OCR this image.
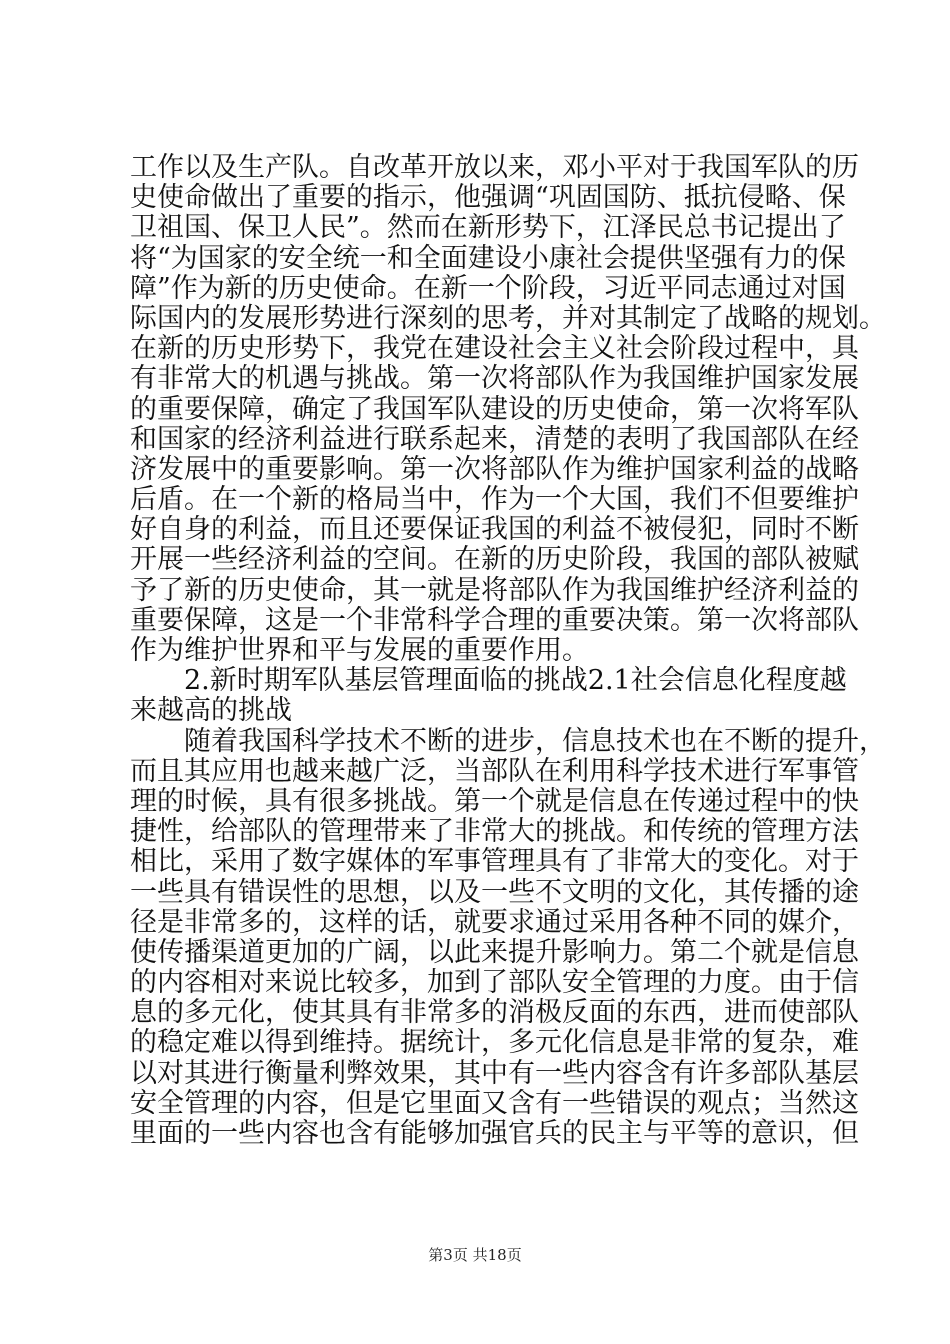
工作以及生产队。自改革开放以来，邓小平对于我国军队的历
史使命做出了重要的指示，他强调“巩固国防、抵抗侵略、保
卫祖国、保卫人民”。然而在新形势下，江泽民总书记提出了
将“为国家的安全统一和全面建设小康社会提供坚强有力的保
障”作为新的历史使命。在新一个阶段，习近平同志通过对国
际国内的发展形势进行深刻的思考，并对其制定了战略的规划。
在新的历史形势下，我党在建设社会主义社会阶段过程中，具
有非常大的机遇与挑战。第一次将部队作为我国维护国家发展
的重要保障，确定了我国军队建设的历史使命，第一次将军队
和国家的经济利益进行联系起来，清楚的表明了我国部队在经
济发展中的重要影响。第一次将部队作为维护国家利益的战略
后盾。在一个新的格局当中，作为一个大国，我们不但要维护
好自身的利益，而且还要保证我国的利益不被侵犯，同时不断
开展一些经济利益的空间。在新的历史阶段，我国的部队被赋
予了新的历史使命，其一就是将部队作为我国维护经济利益的
重要保障，这是一个非常科学合理的重要决策。第一次将部队
作为维护世界和平与发展的重要作用。
　　2.新时期军队基层管理面临的挑战2.1社会信息化程度越
来越高的挑战
　　随着我国科学技术不断的进步，信息技术也在不断的提升，
而且其应用也越来越广泛，当部队在利用科学技术进行军事管
理的时候，具有很多挑战。第一个就是信息在传递过程中的快
捷性，给部队的管理带来了非常大的挑战。和传统的管理方法
相比，采用了数字媒体的军事管理具有了非常大的变化。对于
一些具有错误性的思想，以及一些不文明的文化，其传播的途
径是非常多的，这样的话，就要求通过采用各种不同的媒介，
使传播渠道更加的广阔，以此来提升影响力。第二个就是信息
的内容相对来说比较多，加到了部队安全管理的力度。由于信
息的多元化，使其具有非常多的消极反面的东西，进而使部队
的稳定难以得到维持。据统计，多元化信息是非常的复杂，难
以对其进行衡量利弊效果，其中有一些内容含有许多部队基层
安全管理的内容，但是它里面又含有一些错误的观点；当然这
里面的一些内容也含有能够加强官兵的民主与平等的意识，但
第3页 共18页
